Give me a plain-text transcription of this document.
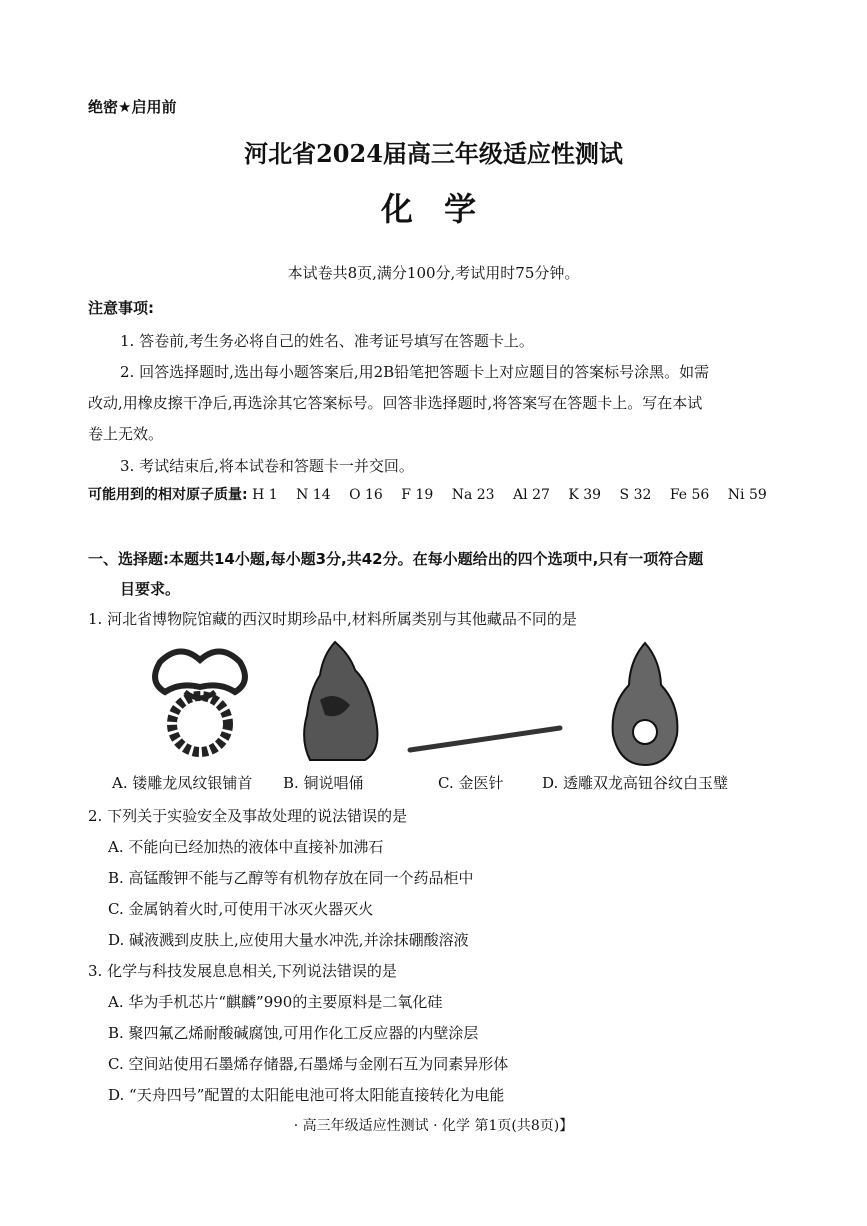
绝密★启用前
河北省2024届高三年级适应性测试
化 学
本试卷共8页,满分100分,考试用时75分钟。
注意事项:
1. 答卷前,考生务必将自己的姓名、准考证号填写在答题卡上。
2. 回答选择题时,选出每小题答案后,用2B铅笔把答题卡上对应题目的答案标号涂黑。如需
改动,用橡皮擦干净后,再选涂其它答案标号。回答非选择题时,将答案写在答题卡上。写在本试
卷上无效。
3. 考试结束后,将本试卷和答题卡一并交回。
可能用到的相对原子质量: H 1 N 14 O 16 F 19 Na 23 Al 27 K 39 S 32 Fe 56 Ni 59
一、选择题:本题共14小题,每小题3分,共42分。在每小题给出的四个选项中,只有一项符合题
目要求。
1. 河北省博物院馆藏的西汉时期珍品中,材料所属类别与其他藏品不同的是
A. 镂雕龙凤纹银铺首 B. 铜说唱俑	C. 金医针	D. 透雕双龙高钮谷纹白玉璧
2. 下列关于实验安全及事故处理的说法错误的是
A. 不能向已经加热的液体中直接补加沸石
B. 高锰酸钾不能与乙醇等有机物存放在同一个药品柜中
C. 金属钠着火时,可使用干冰灭火器灭火
D. 碱液溅到皮肤上,应使用大量水冲洗,并涂抹硼酸溶液
3. 化学与科技发展息息相关,下列说法错误的是
A. 华为手机芯片“麒麟”990的主要原料是二氧化硅
B. 聚四氟乙烯耐酸碱腐蚀,可用作化工反应器的内壁涂层
C. 空间站使用石墨烯存储器,石墨烯与金刚石互为同素异形体
D. “天舟四号”配置的太阳能电池可将太阳能直接转化为电能
· 高三年级适应性测试 · 化学 第1页(共8页)】
